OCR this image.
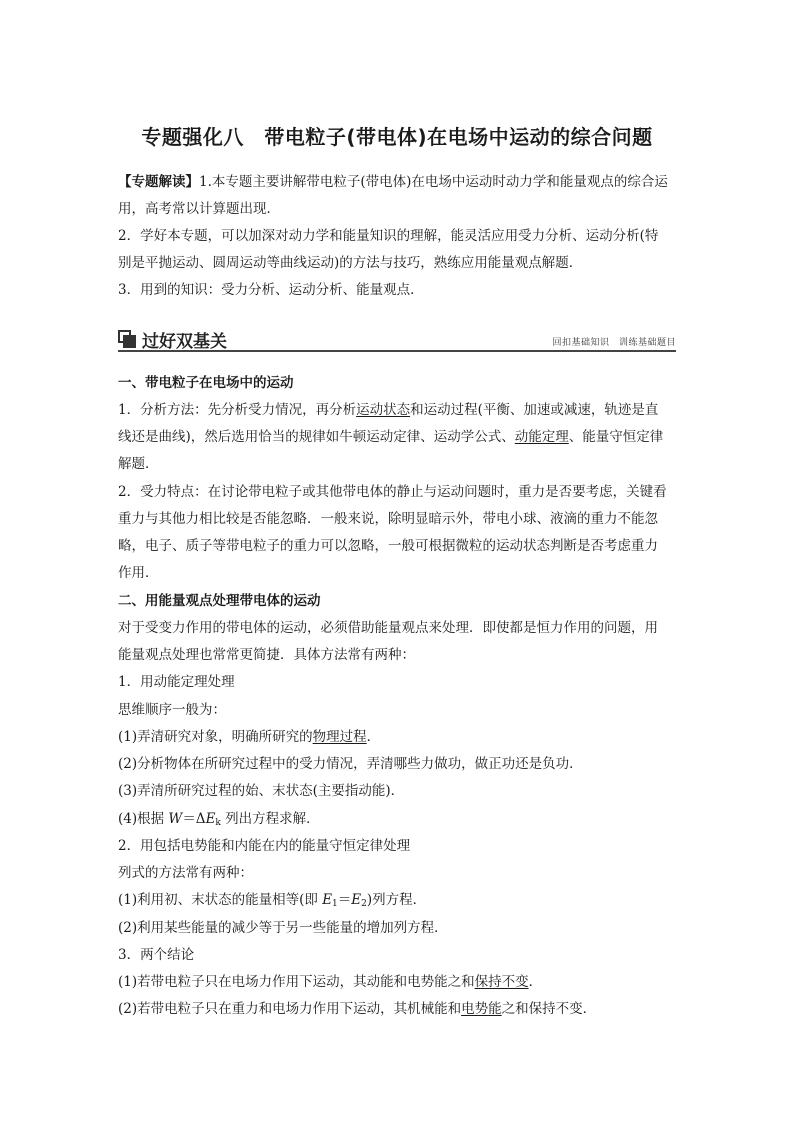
专题强化八　带电粒子(带电体)在电场中运动的综合问题
【专题解读】1.本专题主要讲解带电粒子(带电体)在电场中运动时动力学和能量观点的综合运
用，高考常以计算题出现．
2．学好本专题，可以加深对动力学和能量知识的理解，能灵活应用受力分析、运动分析(特
别是平抛运动、圆周运动等曲线运动)的方法与技巧，熟练应用能量观点解题．
3．用到的知识：受力分析、运动分析、能量观点．
过好双基关	回扣基础知识　训练基础题目
一、带电粒子在电场中的运动
1．分析方法：先分析受力情况，再分析运动状态和运动过程(平衡、加速或减速，轨迹是直
线还是曲线)，然后选用恰当的规律如牛顿运动定律、运动学公式、动能定理、能量守恒定律
解题．
2．受力特点：在讨论带电粒子或其他带电体的静止与运动问题时，重力是否要考虑，关键看
重力与其他力相比较是否能忽略．一般来说，除明显暗示外，带电小球、液滴的重力不能忽
略，电子、质子等带电粒子的重力可以忽略，一般可根据微粒的运动状态判断是否考虑重力
作用．
二、用能量观点处理带电体的运动
对于受变力作用的带电体的运动，必须借助能量观点来处理．即使都是恒力作用的问题，用
能量观点处理也常常更简捷．具体方法常有两种：
1．用动能定理处理
思维顺序一般为：
(1)弄清研究对象，明确所研究的物理过程．
(2)分析物体在所研究过程中的受力情况，弄清哪些力做功，做正功还是负功．
(3)弄清所研究过程的始、末状态(主要指动能)．
(4)根据 $W=\Delta E_k$ 列出方程求解．
2．用包括电势能和内能在内的能量守恒定律处理
列式的方法常有两种：
(1)利用初、末状态的能量相等(即 $E_1=E_2$)列方程．
(2)利用某些能量的减少等于另一些能量的增加列方程．
3．两个结论
(1)若带电粒子只在电场力作用下运动，其动能和电势能之和保持不变．
(2)若带电粒子只在重力和电场力作用下运动，其机械能和电势能之和保持不变．
